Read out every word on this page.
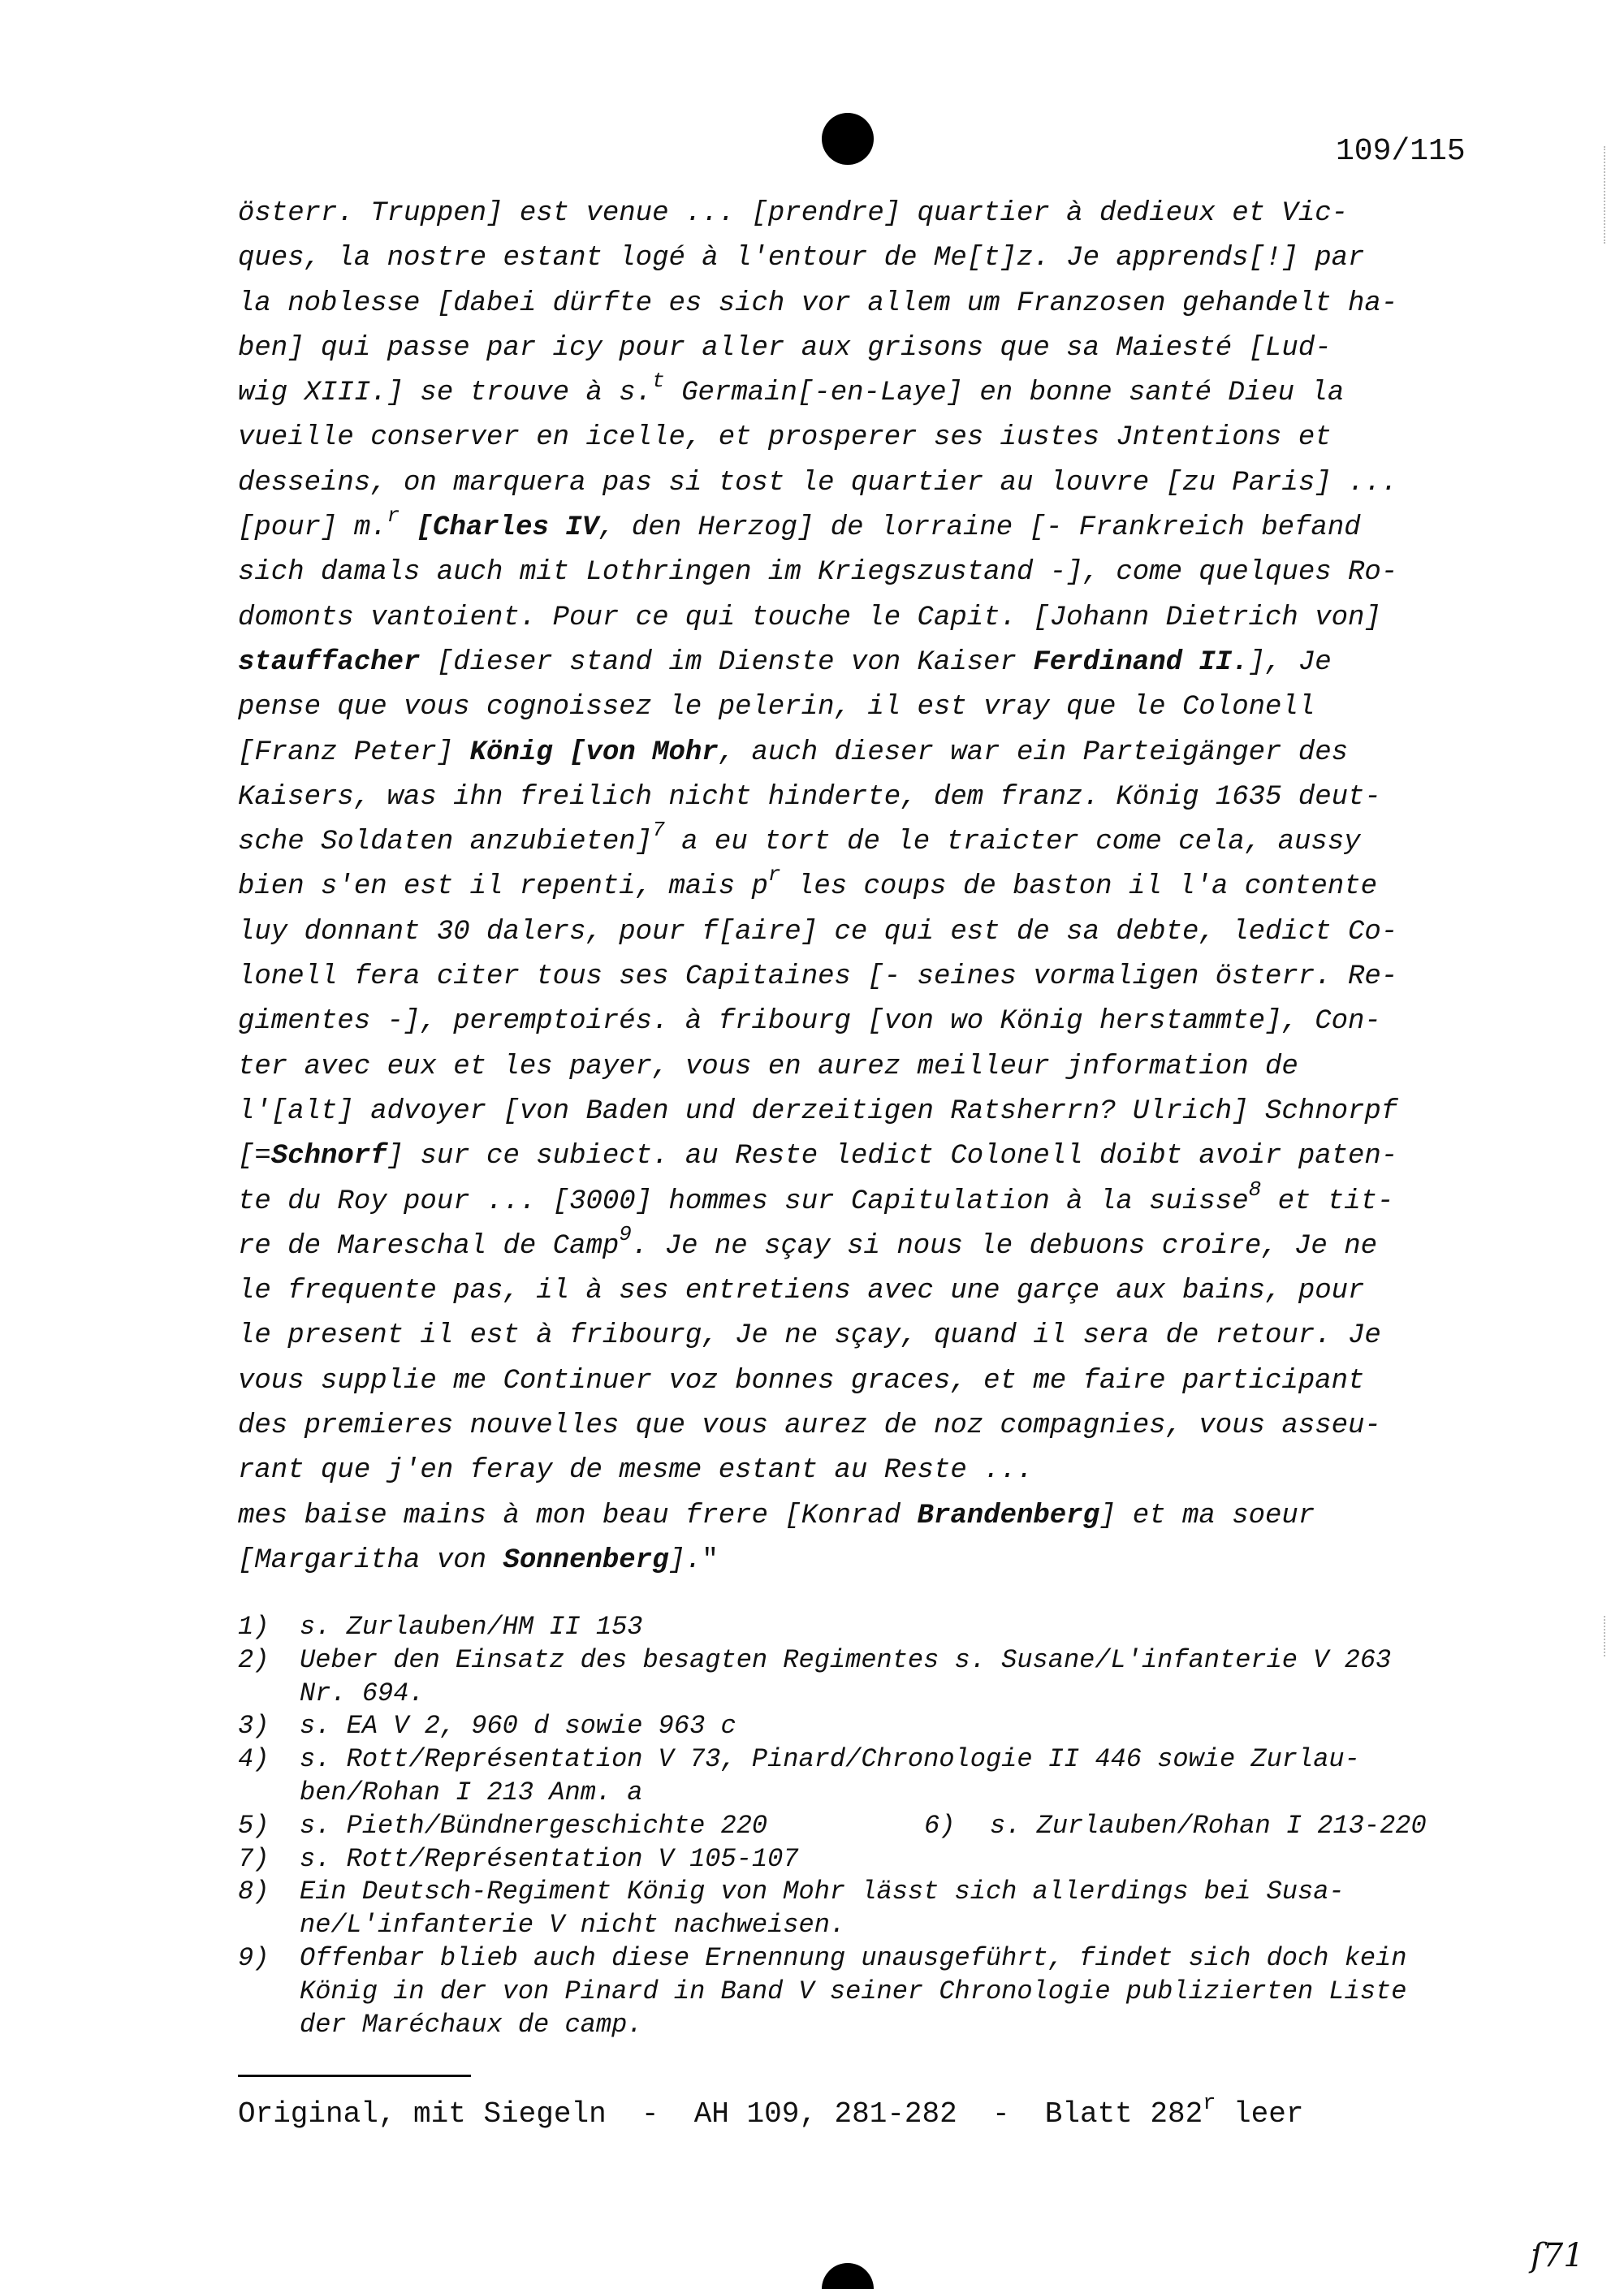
109/115
österr. Truppen] est venue ... [prendre] quartier à dedieux et Vic-
ques, la nostre estant logé à l'entour de Me[t]z. Je apprends[!] par
la noblesse [dabei dürfte es sich vor allem um Franzosen gehandelt ha-
ben] qui passe par icy pour aller aux grisons que sa Maiesté [Lud-
wig XIII.] se trouve à s.$^t$ Germain[-en-Laye] en bonne santé Dieu la
vueille conserver en icelle, et prosperer ses iustes Jntentions et
desseins, on marquera pas si tost le quartier au louvre [zu Paris] ...
[pour] m.$^r$ [Charles IV, den Herzog] de lorraine [- Frankreich befand
sich damals auch mit Lothringen im Kriegszustand -], come quelques Ro-
domonts vantoient. Pour ce qui touche le Capit. [Johann Dietrich von]
stauffacher [dieser stand im Dienste von Kaiser Ferdinand II.], Je
pense que vous cognoissez le pelerin, il est vray que le Colonell
[Franz Peter] König [von Mohr, auch dieser war ein Parteigänger des
Kaisers, was ihn freilich nicht hinderte, dem franz. König 1635 deut-
sche Soldaten anzubieten]$^7$ a eu tort de le traicter come cela, aussy
bien s'en est il repenti, mais $p^r$ les coups de baston il l'a contente
luy donnant 30 dalers, pour f[aire] ce qui est de sa debte, ledict Co-
lonell fera citer tous ses Capitaines [- seines vormaligen österr. Re-
gimentes -], peremptoirés. à fribourg [von wo König herstammte], Con-
ter avec eux et les payer, vous en aurez meilleur jnformation de
l'[alt] advoyer [von Baden und derzeitigen Ratsherrn? Ulrich] Schnorpf
[=Schnorf] sur ce subiect. au Reste ledict Colonell doibt avoir paten-
te du Roy pour ... [3000] hommes sur Capitulation à la suisse$^8$ et tit-
re de Mareschal de Camp$^9$. Je ne sçay si nous le debuons croire, Je ne
le frequente pas, il à ses entretiens avec une garçe aux bains, pour
le present il est à fribourg, Je ne sçay, quand il sera de retour. Je
vous supplie me Continuer voz bonnes graces, et me faire participant
des premieres nouvelles que vous aurez de noz compagnies, vous asseu-
rant que j'en feray de mesme estant au Reste ...
mes baise mains à mon beau frere [Konrad Brandenberg] et ma soeur
[Margaritha von Sonnenberg]."
1) s. Zurlauben/HM II 153
2) Ueber den Einsatz des besagten Regimentes s. Susane/L'infanterie V 263
Nr. 694.
3) s. EA V 2, 960 d sowie 963 c
4) s. Rott/Représentation V 73, Pinard/Chronologie II 446 sowie Zurlau-
ben/Rohan I 213 Anm. a
5) s. Pieth/Bündnergeschichte 220	6) s. Zurlauben/Rohan I 213-220
7) s. Rott/Représentation V 105-107
8) Ein Deutsch-Regiment König von Mohr lässt sich allerdings bei Susa-
ne/L'infanterie V nicht nachweisen.
9) Offenbar blieb auch diese Ernennung unausgeführt, findet sich doch kein
König in der von Pinard in Band V seiner Chronologie publizierten Liste
der Maréchaux de camp.
Original, mit Siegeln  -  AH 109, 281-282  -  Blatt 282$^r$ leer
ſ71
